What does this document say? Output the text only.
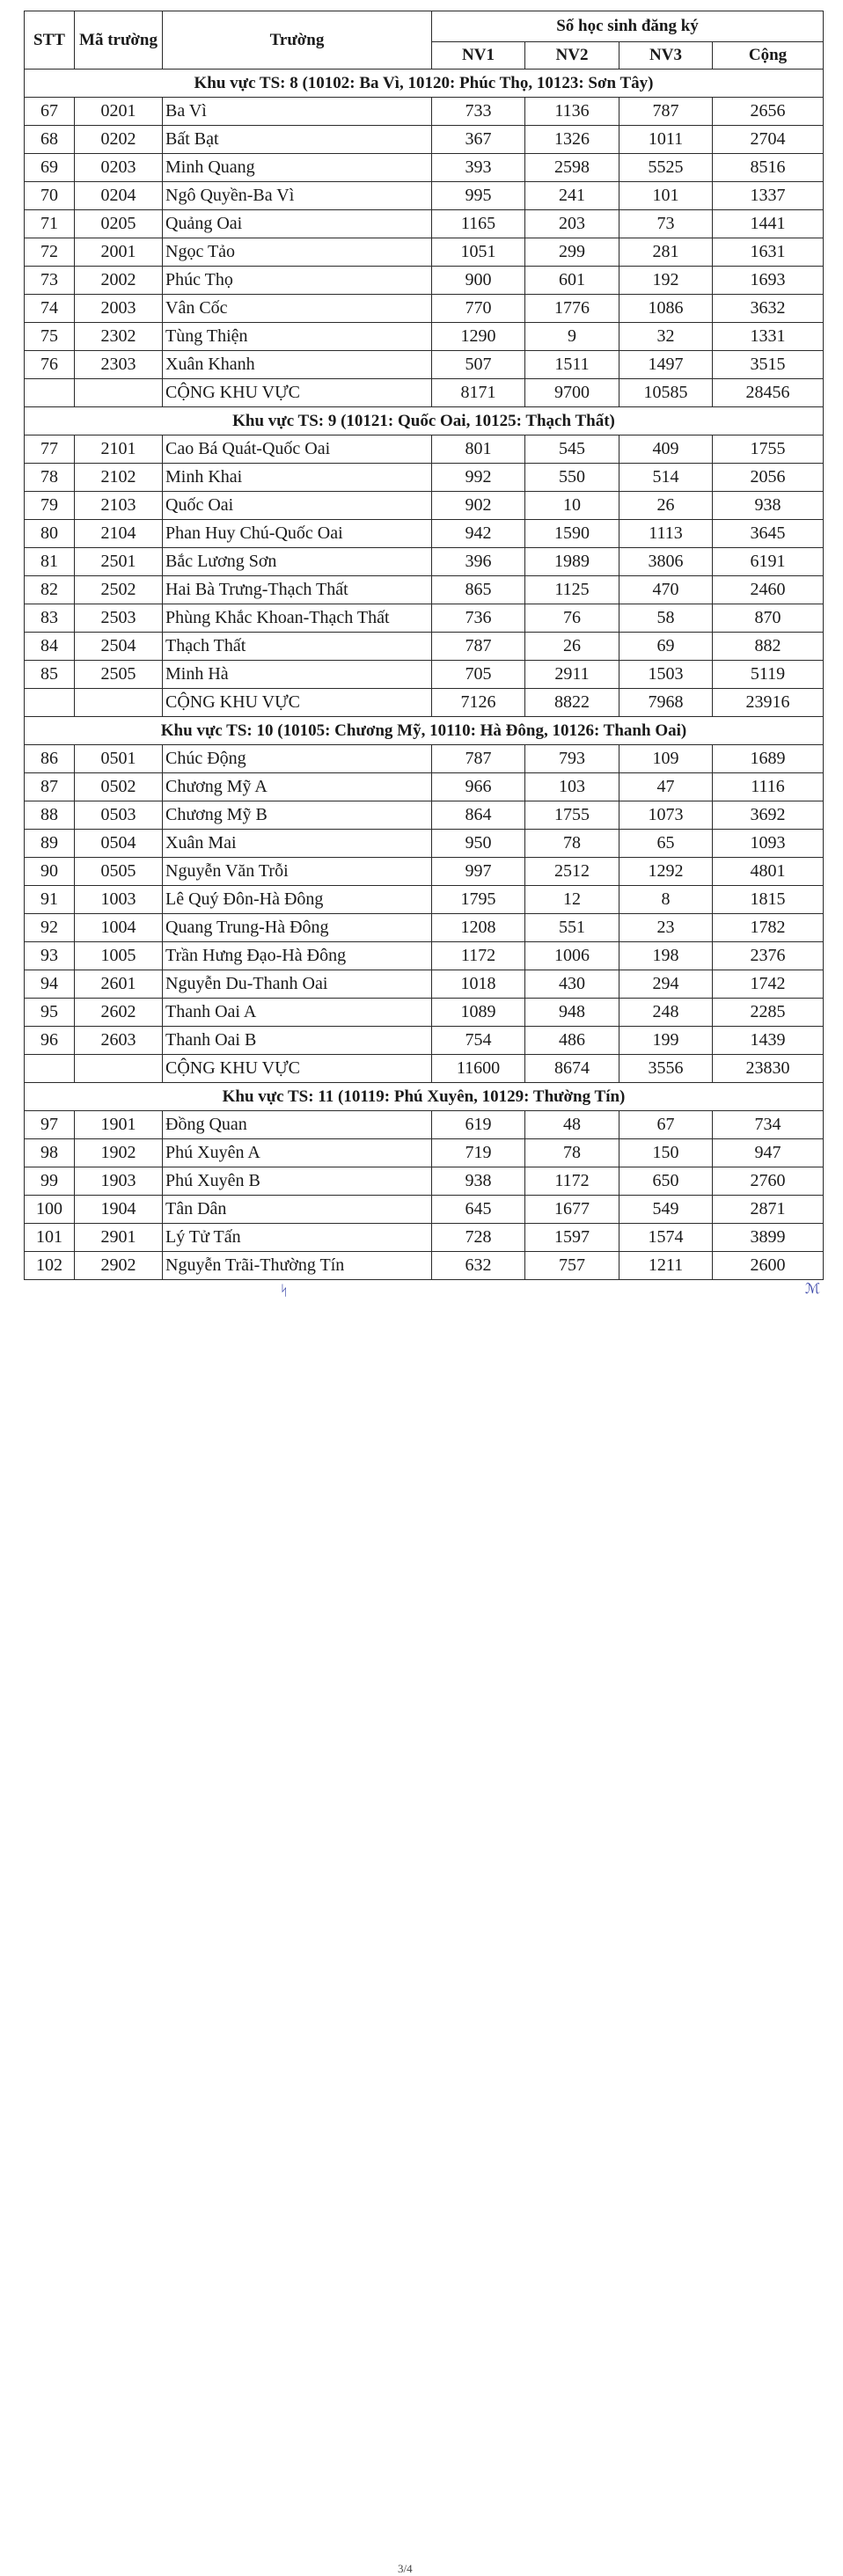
STT	Mã trường	Trường	Số học sinh đăng ký			
			NV1	NV2	NV3	Cộng
Khu vực TS: 8 (10102: Ba Vì, 10120: Phúc Thọ, 10123: Sơn Tây)						
67	0201	Ba Vì	733	1136	787	2656
68	0202	Bất Bạt	367	1326	1011	2704
69	0203	Minh Quang	393	2598	5525	8516
70	0204	Ngô Quyền-Ba Vì	995	241	101	1337
71	0205	Quảng Oai	1165	203	73	1441
72	2001	Ngọc Tảo	1051	299	281	1631
73	2002	Phúc Thọ	900	601	192	1693
74	2003	Vân Cốc	770	1776	1086	3632
75	2302	Tùng Thiện	1290	9	32	1331
76	2303	Xuân Khanh	507	1511	1497	3515
		CỘNG KHU VỰC	8171	9700	10585	28456
Khu vực TS: 9 (10121: Quốc Oai, 10125: Thạch Thất)						
77	2101	Cao Bá Quát-Quốc Oai	801	545	409	1755
78	2102	Minh Khai	992	550	514	2056
79	2103	Quốc Oai	902	10	26	938
80	2104	Phan Huy Chú-Quốc Oai	942	1590	1113	3645
81	2501	Bắc Lương Sơn	396	1989	3806	6191
82	2502	Hai Bà Trưng-Thạch Thất	865	1125	470	2460
83	2503	Phùng Khắc Khoan-Thạch Thất	736	76	58	870
84	2504	Thạch Thất	787	26	69	882
85	2505	Minh Hà	705	2911	1503	5119
		CỘNG KHU VỰC	7126	8822	7968	23916
Khu vực TS: 10 (10105: Chương Mỹ, 10110: Hà Đông, 10126: Thanh Oai)						
86	0501	Chúc Động	787	793	109	1689
87	0502	Chương Mỹ A	966	103	47	1116
88	0503	Chương Mỹ B	864	1755	1073	3692
89	0504	Xuân Mai	950	78	65	1093
90	0505	Nguyễn Văn Trỗi	997	2512	1292	4801
91	1003	Lê Quý Đôn-Hà Đông	1795	12	8	1815
92	1004	Quang Trung-Hà Đông	1208	551	23	1782
93	1005	Trần Hưng Đạo-Hà Đông	1172	1006	198	2376
94	2601	Nguyễn Du-Thanh Oai	1018	430	294	1742
95	2602	Thanh Oai A	1089	948	248	2285
96	2603	Thanh Oai B	754	486	199	1439
		CỘNG KHU VỰC	11600	8674	3556	23830
Khu vực TS: 11 (10119: Phú Xuyên, 10129: Thường Tín)						
97	1901	Đồng Quan	619	48	67	734
98	1902	Phú Xuyên A	719	78	150	947
99	1903	Phú Xuyên B	938	1172	650	2760
100	1904	Tân Dân	645	1677	549	2871
101	2901	Lý Tử Tấn	728	1597	1574	3899
102	2902	Nguyễn Trãi-Thường Tín	632	757	1211	2600
ᛋ
3/4
ℳ
